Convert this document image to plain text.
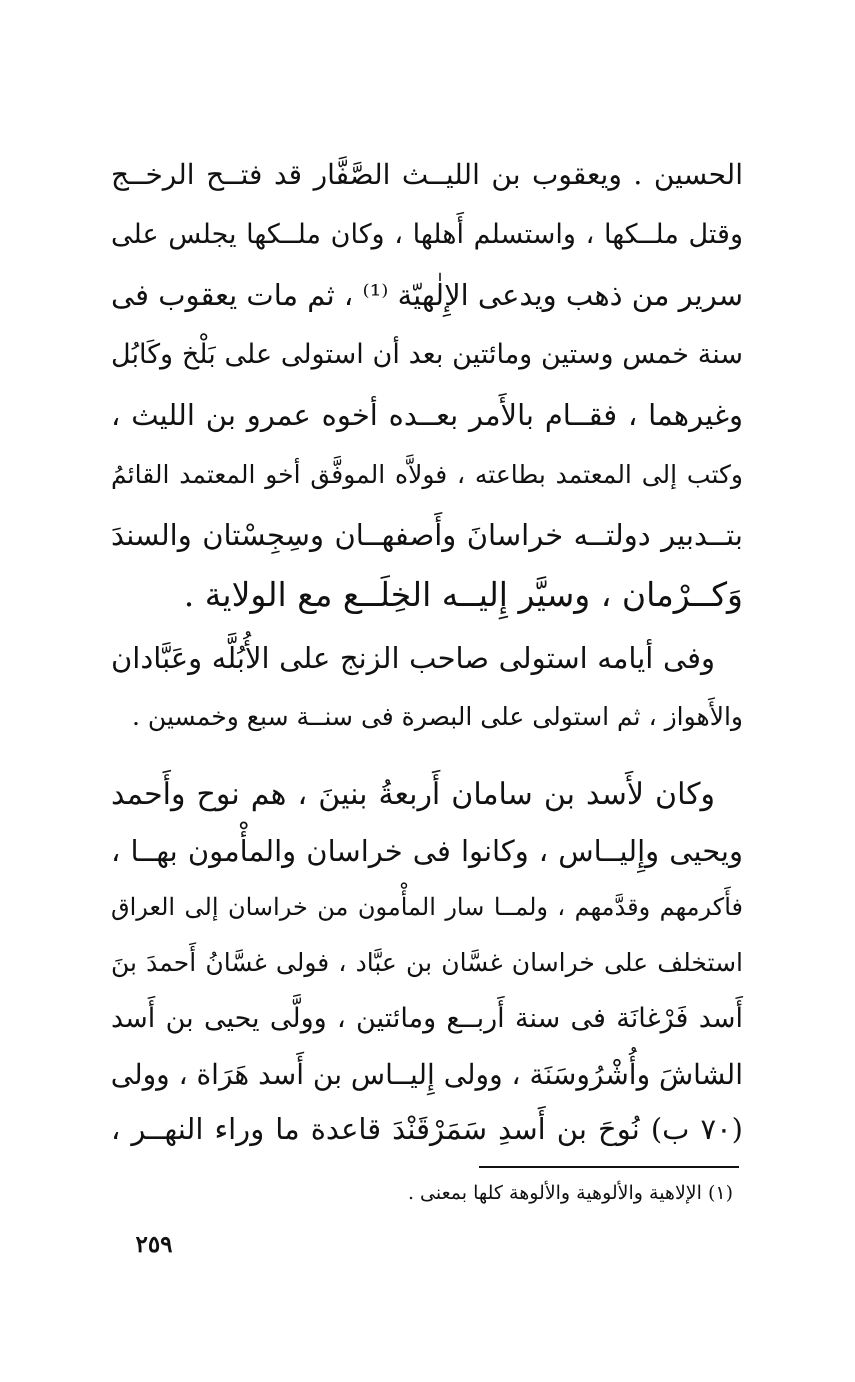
الحسين . ويعقوب بن الليــث الصَّفَّار قد فتــح الرخــج
وقتل ملــكها ، واستسلم أَهلها ، وكان ملــكها يجلس على
سرير من ذهب ويدعى الإِلٰهيّة ⁽¹⁾ ، ثم مات يعقوب فى
سنة خمس وستين ومائتين بعد أن استولى على بَلْخ وكَابُل
وغيرهما ، فقــام بالأَمر بعــده أخوه عمرو بن الليث ،
وكتب إلى المعتمد بطاعته ، فولاَّه الموفَّق أخو المعتمد القائمُ
بتــدبير دولتــه خراسانَ وأَصفهــان وسِجِسْتان والسندَ
وَكــرْمان ، وسيَّر إِليــه الخِلَــع مع الولاية .
وفى أيامه استولى صاحب الزنج على الأُبُلَّه وعَبَّادان
والأَهواز ، ثم استولى على البصرة فى سنــة سبع وخمسين .
وكان لأَسد بن سامان أَربعةُ بنينَ ، هم نوح وأَحمد
ويحيى وإِليــاس ، وكانوا فى خراسان والمأْمون بهــا ،
فأَكرمهم وقدَّمهم ، ولمــا سار المأْمون من خراسان إلى العراق
استخلف على خراسان غسَّان بن عبَّاد ، فولى غسَّانُ أَحمدَ بنَ
أَسد فَرْغانَة فى سنة أَربــع ومائتين ، وولَّى يحيى بن أَسد
الشاشَ وأُشْرُوسَنَة ، وولى إِليــاس بن أَسد هَرَاة ، وولى
(٧٠ ب) نُوحَ بن أَسدِ سَمَرْقَنْدَ قاعدة ما وراء النهــر ،
(١) الإلاهية والألوهية والألوهة كلها بمعنى .
٢٥٩
